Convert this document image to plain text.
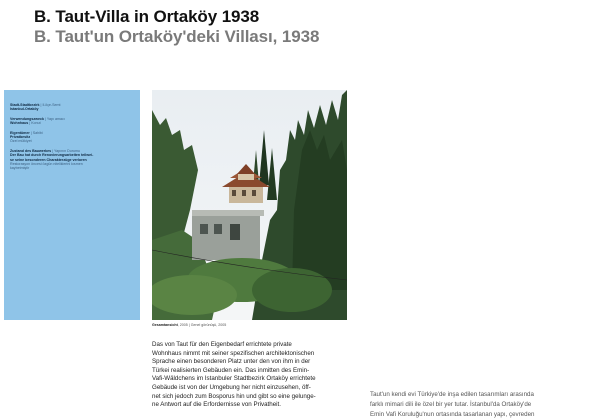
B. Taut-Villa in Ortaköy 1938
B. Taut'un Ortaköy'deki Villası, 1938
Stadt-Stadtbezirk | İl-ilçe-Semt
Istanbul-Ortaköy
Verwendungszweck | Yapı amacı
Wohnhaus | Konut
Eigentümer | Sahibi
Privatbesitz
Özel mülkiyet
Zustand des Bauwerkes | Yapının Durumu
Der Bau hat durch Renovierungsarbeiten teilwei-
se seine besonderen Charakterzüge verloren
Restorasyon öncesi özgün niteliklerini kısmen
kaybetmiştir
Gesamtansicht, 2005 | Genel görünüşü, 2005
Das von Taut für den Eigenbedarf errichtete private
Wohnhaus nimmt mit seiner spezifischen architektonischen
Sprache einen besonderen Platz unter den von ihm in der
Türkei realisierten Gebäuden ein. Das inmitten des Emin-
Vafi-Wäldchens im Istanbuler Stadtbezirk Ortaköy errichtete
Gebäude ist von der Umgebung her nicht einzusehen, öff-
net sich jedoch zum Bosporus hin und gibt so eine gelunge-
ne Antwort auf die Erfordernisse von Privatheit.
Taut'un kendi evi Türkiye'de inşa edilen tasarımları arasında
farklı mimari dili ile özel bir yer tutar. İstanbul'da Ortaköy'de
Emin Vafi Koruluğu'nun ortasında tasarlanan yapı, çevreden
